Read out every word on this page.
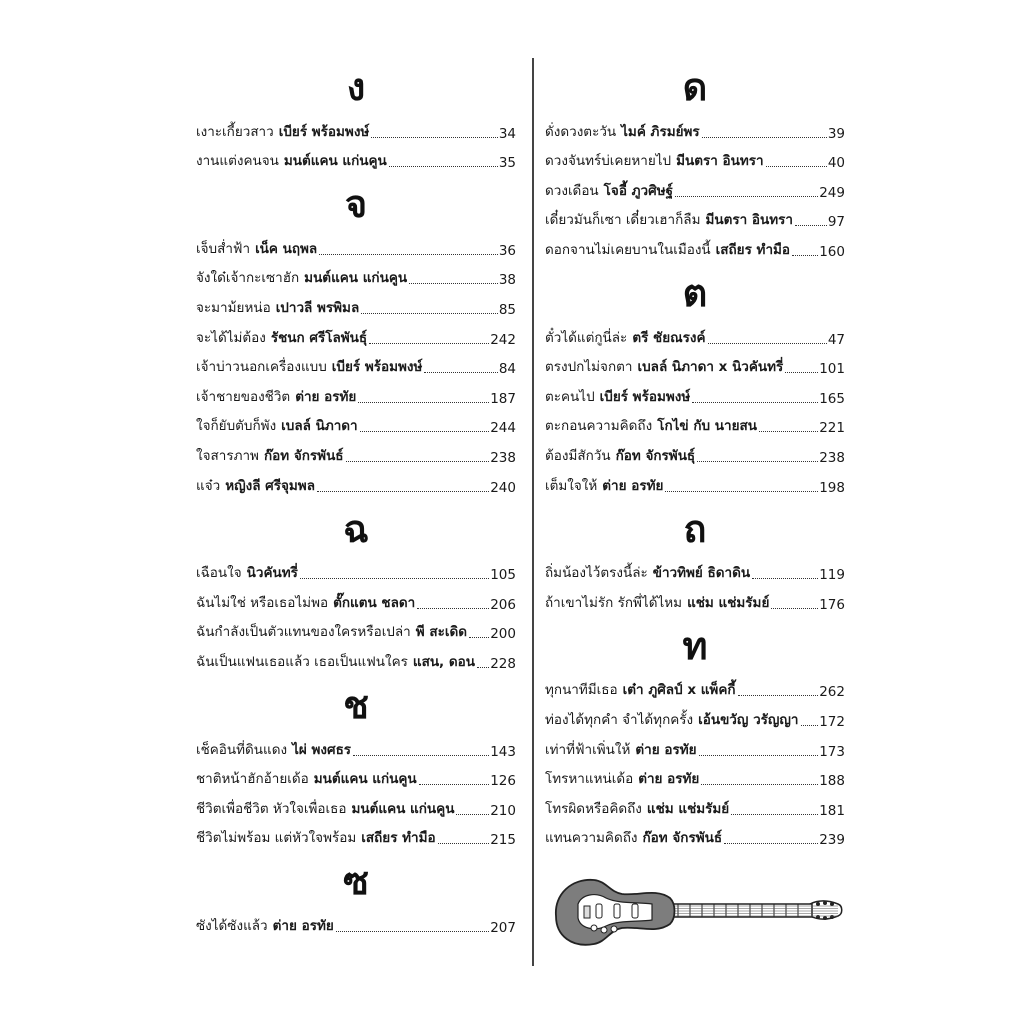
ง
เงาะเกี้ยวสาว เบียร์ พร้อมพงษ์	34
งานแต่งคนจน มนต์แคน แก่นคูน	35
จ
เจ็บส่ำฟ้า เน็ค นฤพล	36
จังใด๋เจ้ากะเซาฮัก มนต์แคน แก่นคูน	38
จะมาม้ยหน่อ เปาวลี พรพิมล	85
จะได้ไม่ต้อง รัชนก ศรีโลพันธุ์	242
เจ้าบ่าวนอกเครื่องแบบ เบียร์ พร้อมพงษ์	84
เจ้าชายของชีวิต ต่าย อรทัย	187
ใจก็ยับตับก็พัง เบลล์ นิภาดา	244
ใจสารภาพ ก๊อท จักรพันธ์	238
แจ๋ว หญิงลี ศรีจุมพล	240
ฉ
เฉือนใจ นิวคันทรี่	105
ฉันไม่ใช่ หรือเธอไม่พอ ตั๊กแตน ชลดา	206
ฉันกำลังเป็นตัวแทนของใครหรือเปล่า พี สะเดิด 200
ฉันเป็นแฟนเธอแล้ว เธอเป็นแฟนใคร แสน, ดอน 228
ช
เช็คอินที่ดินแดง ไผ่ พงศธร	143
ชาติหน้าฮักอ้ายเด้อ มนต์แคน แก่นคูน	126
ชีวิตเพื่อชีวิต หัวใจเพื่อเธอ มนต์แคน แก่นคูน	210
ชีวิตไม่พร้อม แต่หัวใจพร้อม เสถียร ทำมือ	215
ซ
ซังได้ซังแล้ว ต่าย อรทัย	207
ด
ดั่งดวงตะวัน ไมค์ ภิรมย์พร	39
ดวงจันทร์บ่เคยหายไป มีนตรา อินทรา	40
ดวงเดือน โจอี้ ภูวศิษฐ์	249
เดี๋ยวมันก็เซา เดี๋ยวเฮาก็ลืม มีนตรา อินทรา	97
ดอกจานไม่เคยบานในเมืองนี้ เสถียร ทำมือ 160
ต
ตั๋วได้แต่กูนี่ล่ะ ตรี ชัยณรงค์	47
ตรงปกไม่จกตา เบลล์ นิภาดา x นิวคันทรี่	101
ตะคนไป เบียร์ พร้อมพงษ์	165
ตะกอนความคิดถึง โกไข่ กับ นายสน	221
ต้องมีสักวัน ก๊อท จักรพันธุ์	238
เต็มใจให้ ต่าย อรทัย	198
ถ
ถิ่มน้องไว้ตรงนี้ล่ะ ข้าวทิพย์ ธิดาดิน	119
ถ้าเขาไม่รัก รักพี่ได้ไหม แช่ม แช่มรัมย์	176
ท
ทุกนาทีมีเธอ เต๋า ภูศิลป์ x แพ็คกี้	262
ท่องได้ทุกคำ จำได้ทุกครั้ง เอ้นขวัญ วรัญญา 172
เท่าที่ฟ้าเพิ่นให้ ต่าย อรทัย	173
โทรหาแหน่เด้อ ต่าย อรทัย	188
โทรผิดหรือคิดถึง แช่ม แช่มรัมย์	181
แทนความคิดถึง ก๊อท จักรพันธ์	239
